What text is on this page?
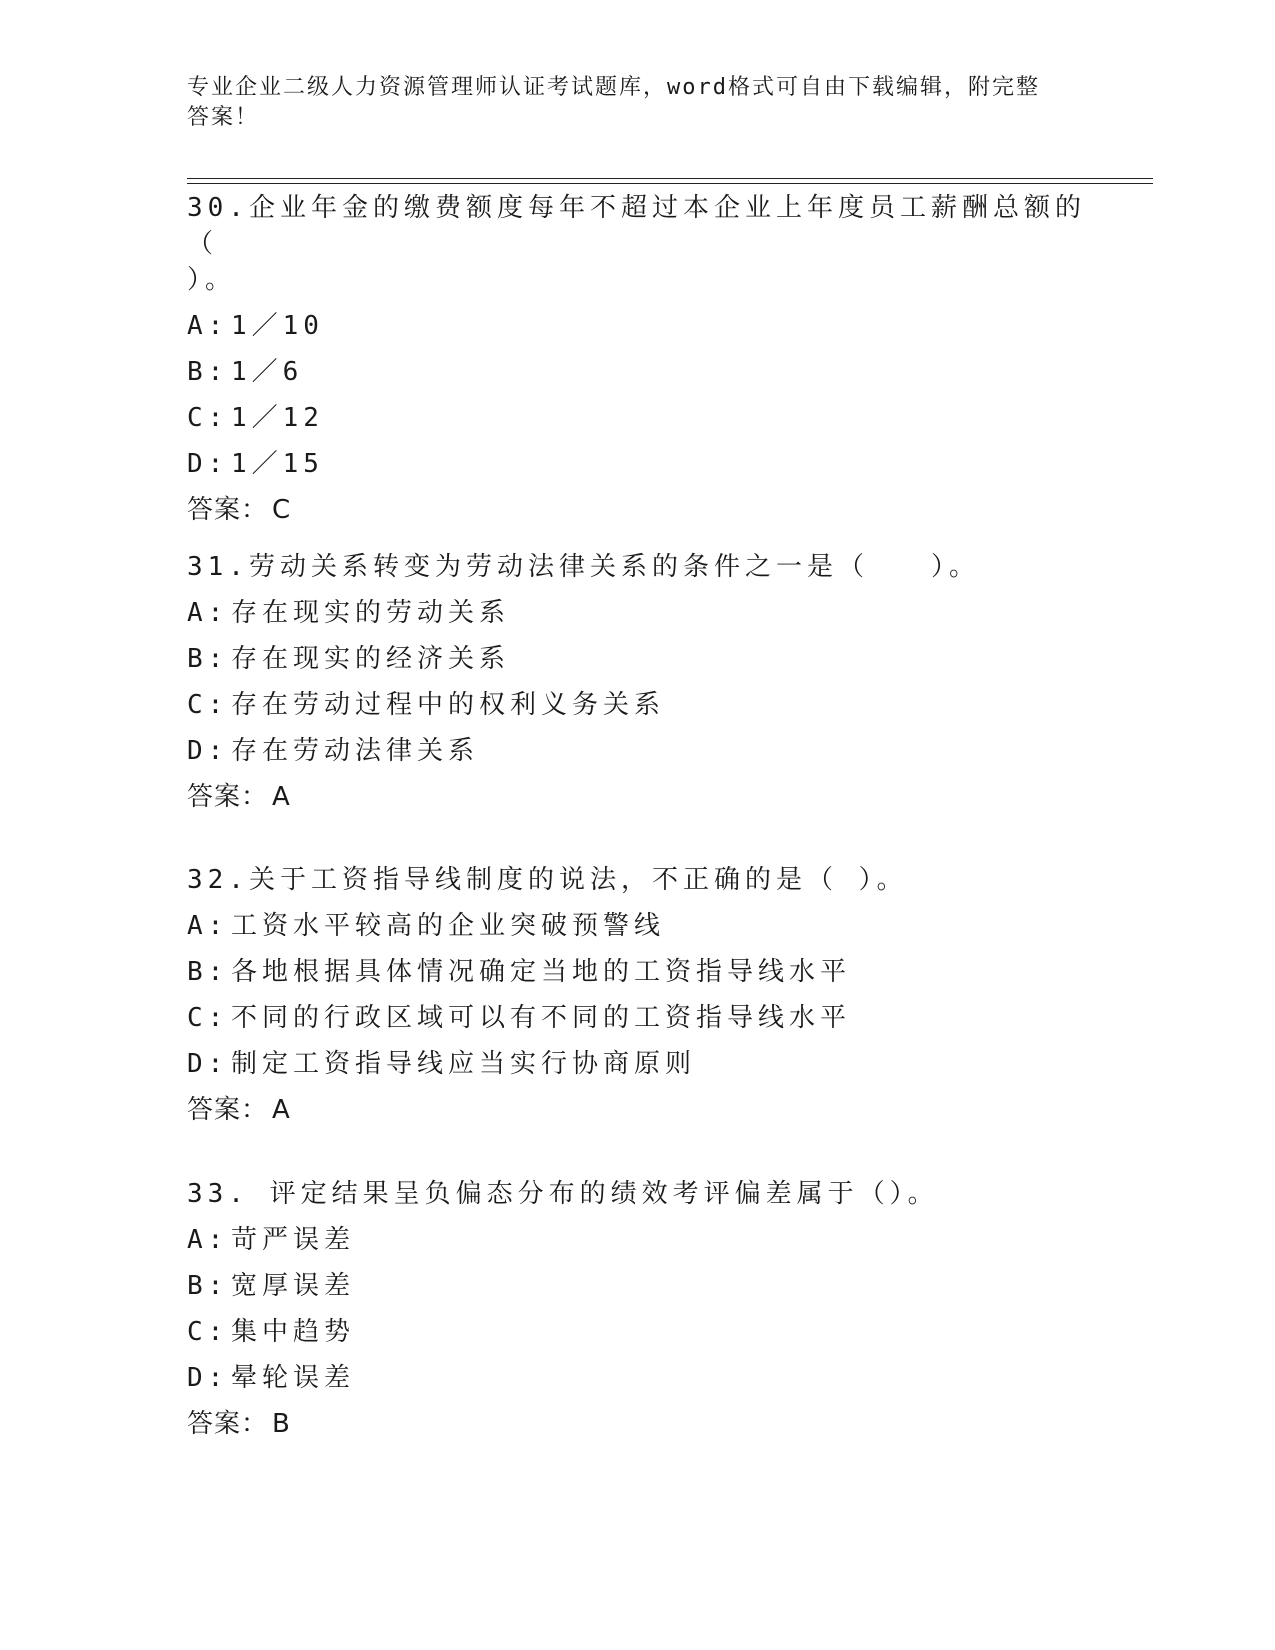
专业企业二级人力资源管理师认证考试题库，word格式可自由下载编辑，附完整
答案！
30.企业年金的缴费额度每年不超过本企业上年度员工薪酬总额的（
）。
A: 1／10
B: 1／6
C: 1／12
D: 1／15
答案： C
31.劳动关系转变为劳动法律关系的条件之一是（　　）。
A: 存在现实的劳动关系
B: 存在现实的经济关系
C: 存在劳动过程中的权利义务关系
D: 存在劳动法律关系
答案： A
32.关于工资指导线制度的说法，不正确的是（ ）。
A: 工资水平较高的企业突破预警线
B: 各地根据具体情况确定当地的工资指导线水平
C: 不同的行政区域可以有不同的工资指导线水平
D: 制定工资指导线应当实行协商原则
答案： A
33. 评定结果呈负偏态分布的绩效考评偏差属于（）。
A: 苛严误差
B: 宽厚误差
C: 集中趋势
D: 晕轮误差
答案： B
